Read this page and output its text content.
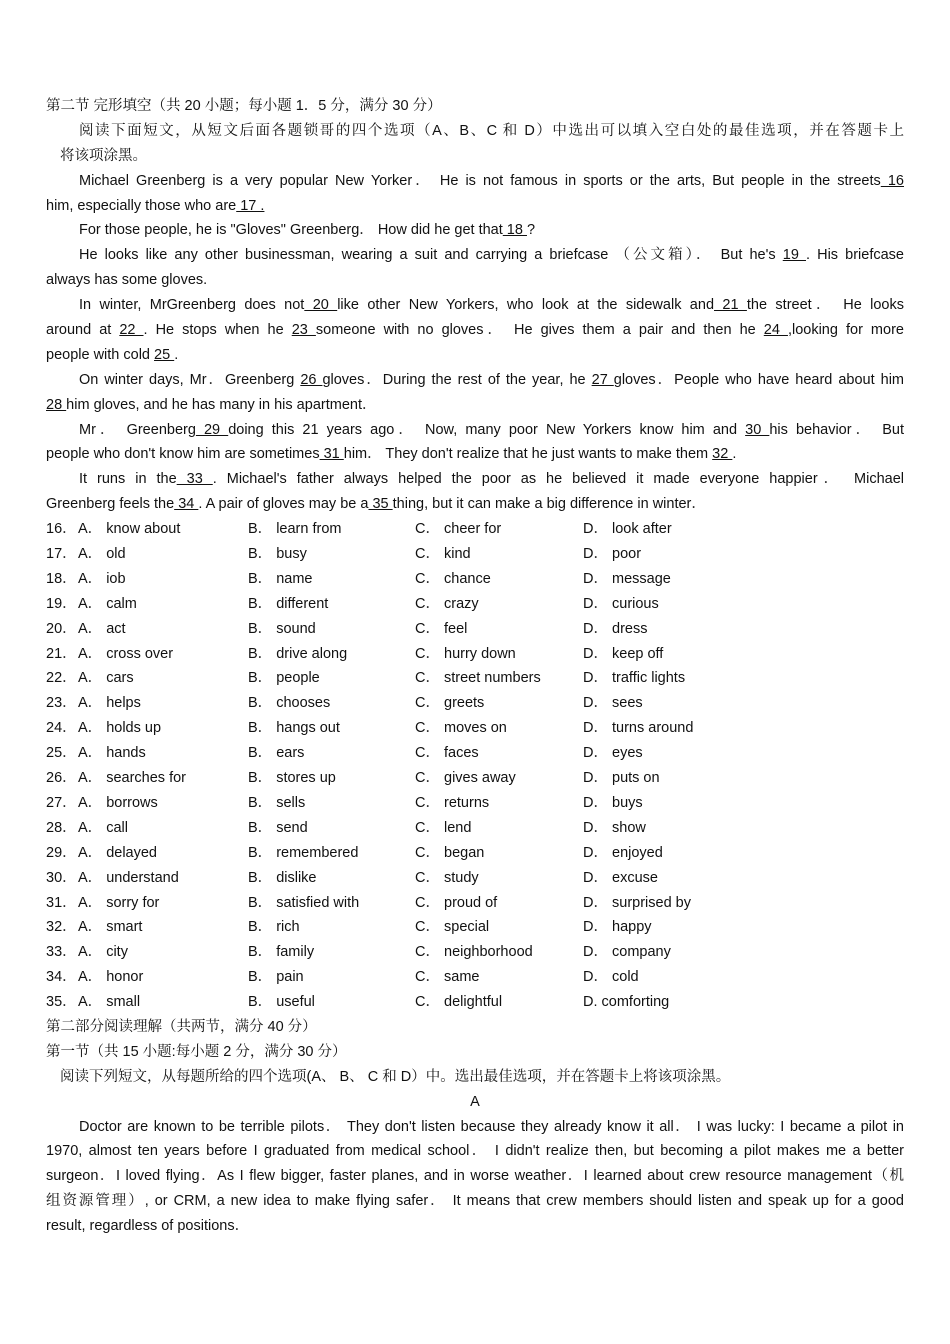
第二节 完形填空（共 20 小题；每小题 1．5 分，满分 30 分）
阅读下面短文，从短文后面各题锁哥的四个选项（A、B、C 和 D）中选出可以填入空白处的最佳选项，并在答题卡上
将该项涂黑。
Michael Greenberg is a very popular New Yorker． He is not famous in sports or the arts, But people in the streets 16
him, especially those who are 17 .
For those people, he is "Gloves" Greenberg． How did he get that 18 ?
He looks like any other businessman, wearing a suit and carrying a briefcase （公文箱）． But he's 19 . His briefcase
always has some gloves.
In winter, MrGreenberg does not 20 like other New Yorkers, who look at the sidewalk and 21 the street． He looks
around at 22 . He stops when he 23 someone with no gloves． He gives them a pair and then he 24 ,looking for more
people with cold 25 .
On winter days, Mr．Greenberg 26 gloves．During the rest of the year, he 27 gloves．People who have heard about him
28 him gloves, and he has many in his apartment．
Mr． Greenberg 29 doing this 21 years ago． Now, many poor New Yorkers know him and 30 his behavior． But
people who don't know him are sometimes 31 him． They don't realize that he just wants to make them 32 .
It runs in the 33 . Michael's father always helped the poor as he believed it made everyone happier． Michael
Greenberg feels the 34 . A pair of gloves may be a 35 thing, but it can make a big difference in winter．
16． A． know about	B． learn from	C． cheer for	D． look after
17． A． old	B． busy	C． kind	D． poor
18． A． iob	B． name	C． chance	D． message
19． A． calm	B． different	C． crazy	D． curious
20． A． act	B． sound	C． feel	D． dress
21． A． cross over	B． drive along	C． hurry down	D． keep off
22． A． cars	B． people	C． street numbers	D． traffic lights
23． A． helps	B． chooses	C． greets	D． sees
24． A． holds up	B． hangs out	C． moves on	D． turns around
25． A． hands	B． ears	C． faces	D． eyes
26． A． searches for	B． stores up	C． gives away	D． puts on
27． A． borrows	B． sells	C． returns	D． buys
28． A． call	B． send	C． lend	D． show
29． A． delayed	B． remembered	C． began	D． enjoyed
30． A． understand	B． dislike	C． study	D． excuse
31． A． sorry for	B． satisfied with	C． proud of	D． surprised by
32． A． smart	B． rich	C． special	D． happy
33． A． city	B． family	C． neighborhood	D． company
34． A． honor	B． pain	C． same	D． cold
35． A． small	B． useful	C． delightful	D. comforting
第二部分阅读理解（共两节，满分 40 分）
第一节（共 15 小题:每小题 2 分，满分 30 分）
阅读下列短文，从每题所给的四个选项(A、 B、 C 和 D）中。选出最佳选项，并在答题卡上将该项涂黑。
A
Doctor are known to be terrible pilots． They don't listen because they already know it all． I was lucky: I became a pilot in
1970, almost ten years before I graduated from medical school． I didn't realize then, but becoming a pilot makes me a better
surgeon．I loved flying．As I flew bigger, faster planes, and in worse weather．I learned about crew resource management（机
组资源管理）, or CRM, a new idea to make flying safer． It means that crew members should listen and speak up for a good
result, regardless of positions．
